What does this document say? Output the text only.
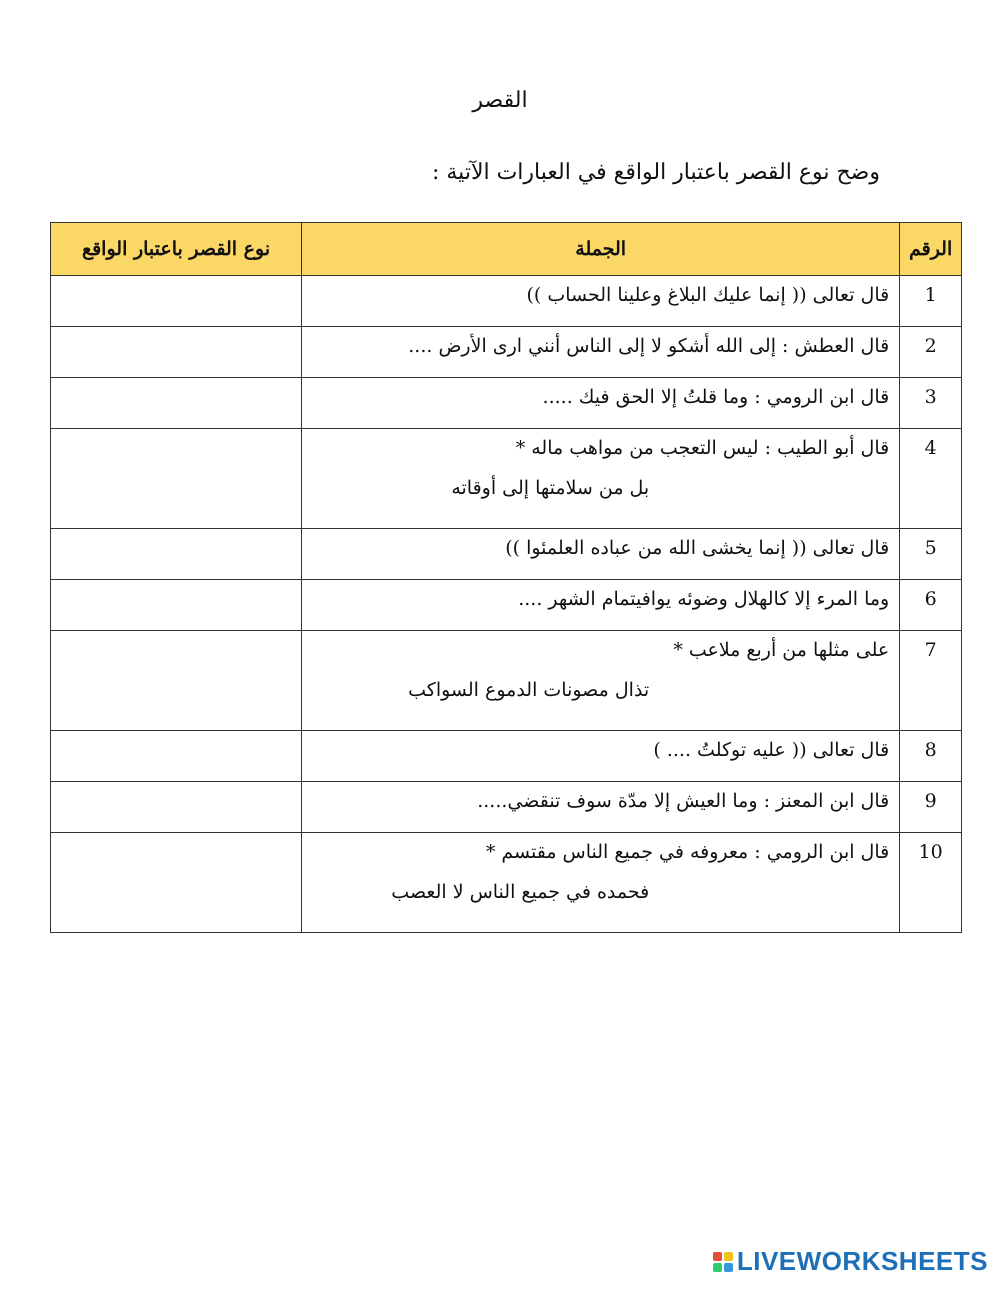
القصر
وضح نوع القصر باعتبار الواقع في العبارات الآتية :
الرقم	الجملة	نوع القصر باعتبار الواقع
1	قال تعالى (( إنما عليك البلاغ وعلينا الحساب ))	

2	قال العطش : إلى الله أشكو لا إلى الناس أنني ارى الأرض ....	

3	قال ابن الرومي : وما قلتُ إلا الحق فيك .....	

4	قال أبو الطيب : ليس التعجب من مواهب ماله *
بل من سلامتها إلى أوقاته	

5	قال تعالى (( إنما يخشى الله من عباده العلمئوا ))	

6	وما المرء إلا كالهلال وضوئه يوافيتمام الشهر ....	

7	على مثلها من أربع ملاعب *
تذال مصونات الدموع السواكب	

8	قال تعالى (( عليه توكلتُ .... )	

9	قال ابن المعنز : وما العيش إلا مدّة سوف تنقضي.....	

10	قال ابن الرومي : معروفه في جميع الناس مقتسم *
فحمده في جميع الناس لا العصب	

LIVEWORKSHEETS
